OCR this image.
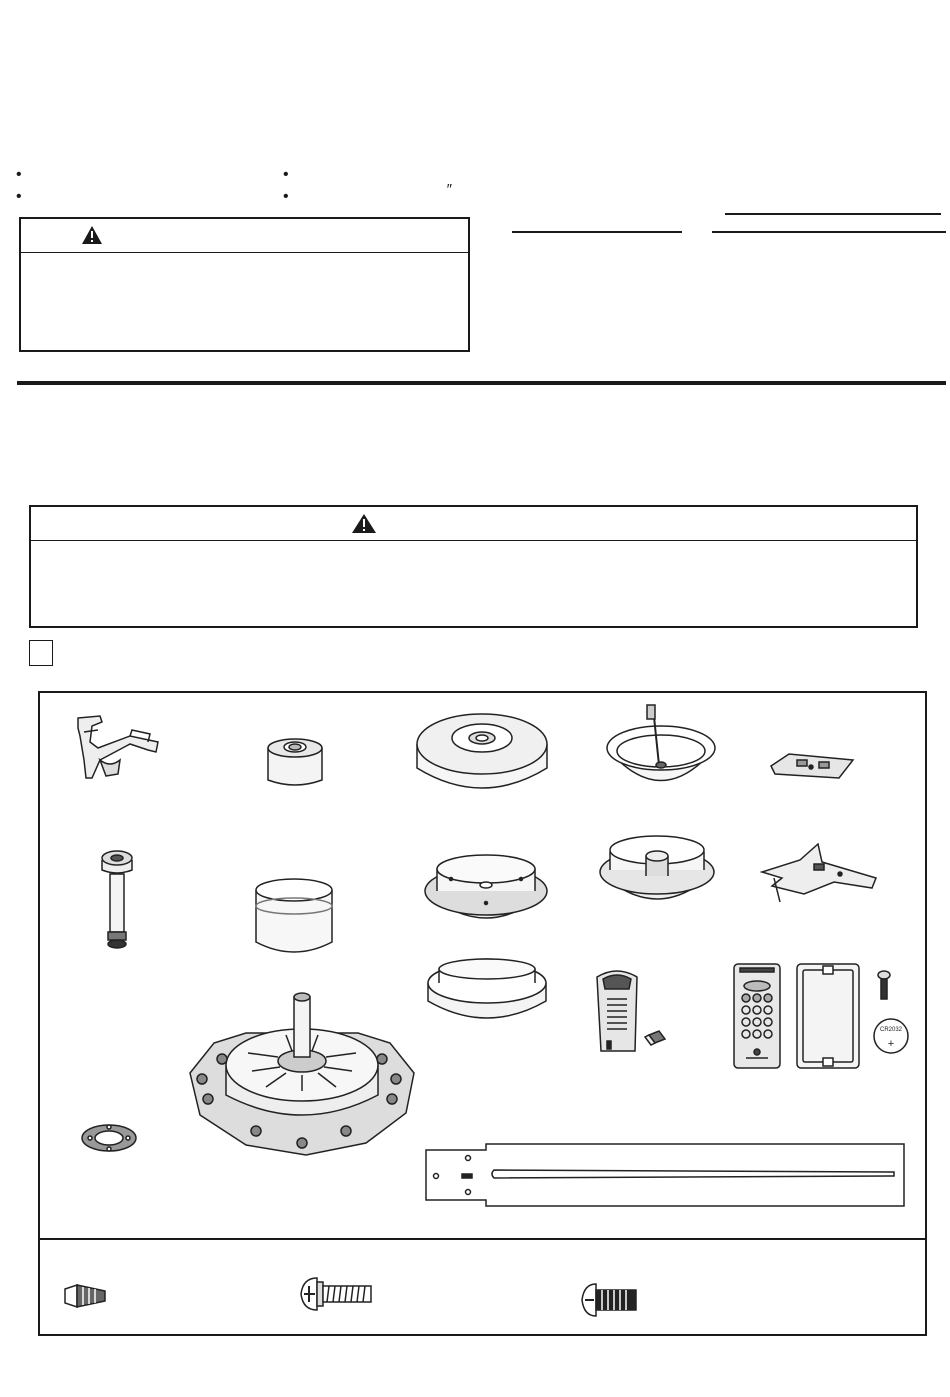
•
•
•
•	″
CR2032
+
